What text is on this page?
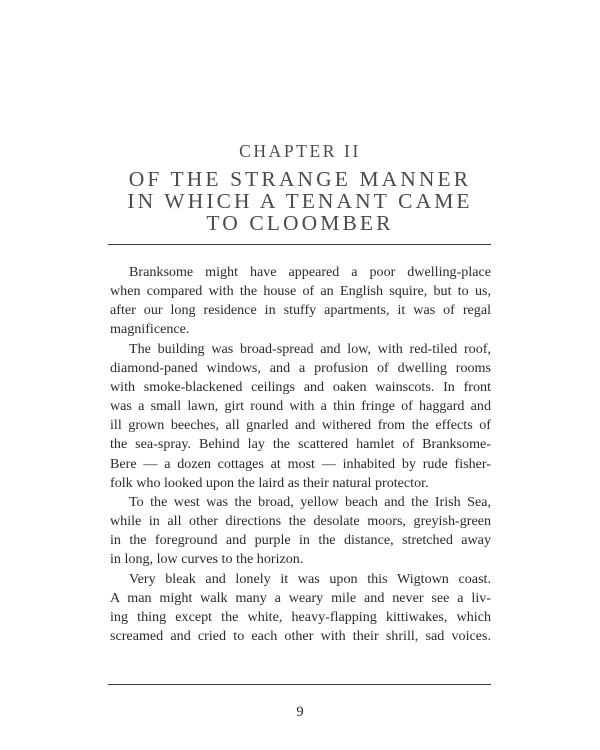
CHAPTER II
OF THE STRANGE MANNER
IN WHICH A TENANT CAME
TO CLOOMBER

Branksome might have appeared a poor dwelling-place
when compared with the house of an English squire, but to us,
after our long residence in stuffy apartments, it was of regal
magnificence.

The building was broad-spread and low, with red-tiled roof,
diamond-paned windows, and a profusion of dwelling rooms
with smoke-blackened ceilings and oaken wainscots. In front
was a small lawn, girt round with a thin fringe of haggard and
ill grown beeches, all gnarled and withered from the effects of
the sea-spray. Behind lay the scattered hamlet of Branksome-
Bere — a dozen cottages at most — inhabited by rude fisher-
folk who looked upon the laird as their natural protector.

To the west was the broad, yellow beach and the Irish Sea,
while in all other directions the desolate moors, greyish-green
in the foreground and purple in the distance, stretched away
in long, low curves to the horizon.

Very bleak and lonely it was upon this Wigtown coast.
A man might walk many a weary mile and never see a liv-
ing thing except the white, heavy-flapping kittiwakes, which
screamed and cried to each other with their shrill, sad voices.

9
